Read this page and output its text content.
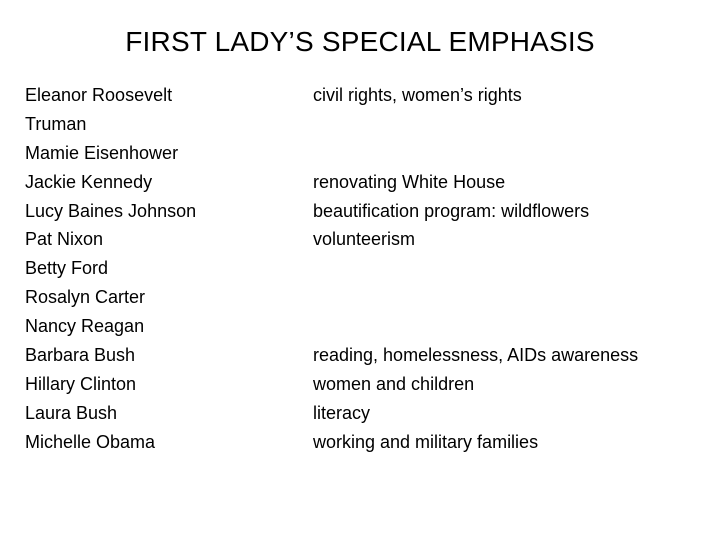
FIRST LADY’S SPECIAL EMPHASIS
Eleanor Roosevelt	civil rights, women’s rights
Truman
Mamie Eisenhower
Jackie Kennedy	renovating White House
Lucy Baines Johnson	beautification program: wildflowers
Pat Nixon	volunteerism
Betty Ford
Rosalyn Carter
Nancy Reagan
Barbara Bush	reading, homelessness, AIDs awareness
Hillary Clinton	women and children
Laura Bush	literacy
Michelle Obama	working and military families
